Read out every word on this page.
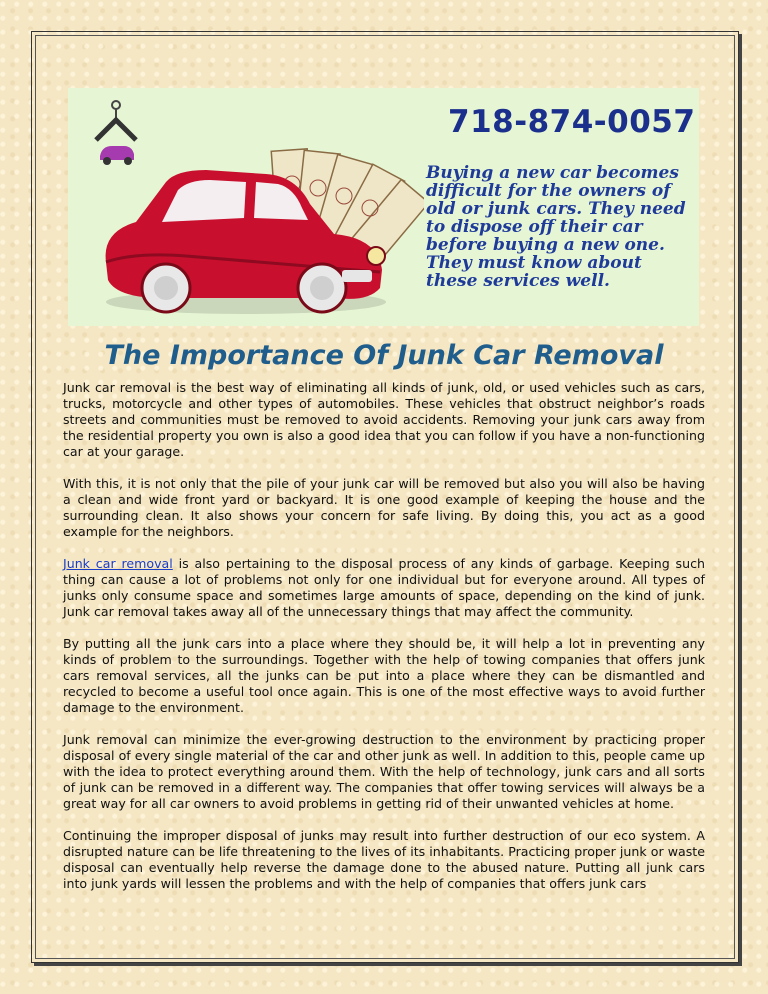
718-874-0057
Buying a new car becomes difficult for the owners of old or junk cars. They need to dispose off their car before buying a new one. They must know about these services well.
The Importance Of Junk Car Removal

Junk car removal is the best way of eliminating all kinds of junk, old, or used vehicles such as cars, trucks, motorcycle and other types of automobiles. These vehicles that obstruct neighbor’s roads streets and communities must be removed to avoid accidents. Removing your junk cars away from the residential property you own is also a good idea that you can follow if you have a non-functioning car at your garage.

With this, it is not only that the pile of your junk car will be removed but also you will also be having a clean and wide front yard or backyard. It is one good example of keeping the house and the surrounding clean. It also shows your concern for safe living. By doing this, you act as a good example for the neighbors.

Junk car removal is also pertaining to the disposal process of any kinds of garbage. Keeping such thing can cause a lot of problems not only for one individual but for everyone around. All types of junks only consume space and sometimes large amounts of space, depending on the kind of junk. Junk car removal takes away all of the unnecessary things that may affect the community.

By putting all the junk cars into a place where they should be, it will help a lot in preventing any kinds of problem to the surroundings. Together with the help of towing companies that offers junk cars removal services, all the junks can be put into a place where they can be dismantled and recycled to become a useful tool once again. This is one of the most effective ways to avoid further damage to the environment.

Junk removal can minimize the ever-growing destruction to the environment by practicing proper disposal of every single material of the car and other junk as well. In addition to this, people came up with the idea to protect everything around them. With the help of technology, junk cars and all sorts of junk can be removed in a different way. The companies that offer towing services will always be a great way for all car owners to avoid problems in getting rid of their unwanted vehicles at home.

Continuing the improper disposal of junks may result into further destruction of our eco system. A disrupted nature can be life threatening to the lives of its inhabitants. Practicing proper junk or waste disposal can eventually help reverse the damage done to the abused nature. Putting all junk cars into junk yards will lessen the problems and with the help of companies that offers junk cars
